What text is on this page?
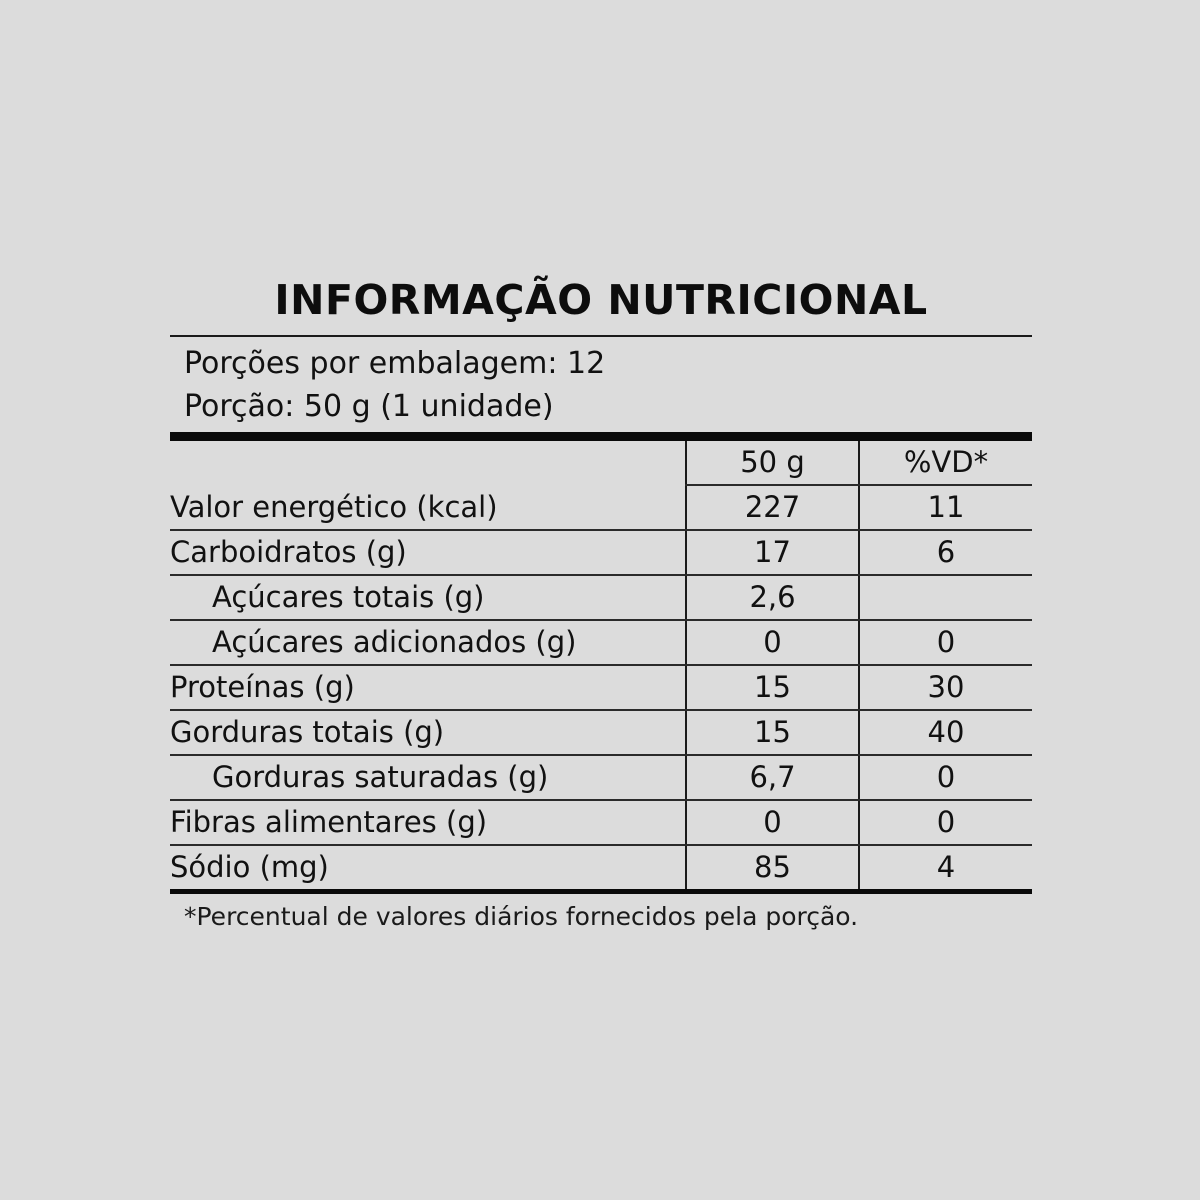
INFORMAÇÃO NUTRICIONAL
Porções por embalagem: 12
Porção: 50 g (1 unidade)
	50 g	%VD*
Valor energético (kcal)	227	11
Carboidratos (g)	17	6
Açúcares totais (g)	2,6	
Açúcares adicionados (g)	0	0
Proteínas (g)	15	30
Gorduras totais (g)	15	40
Gorduras saturadas (g)	6,7	0
Fibras alimentares (g)	0	0
Sódio (mg)	85	4
*Percentual de valores diários fornecidos pela porção.
